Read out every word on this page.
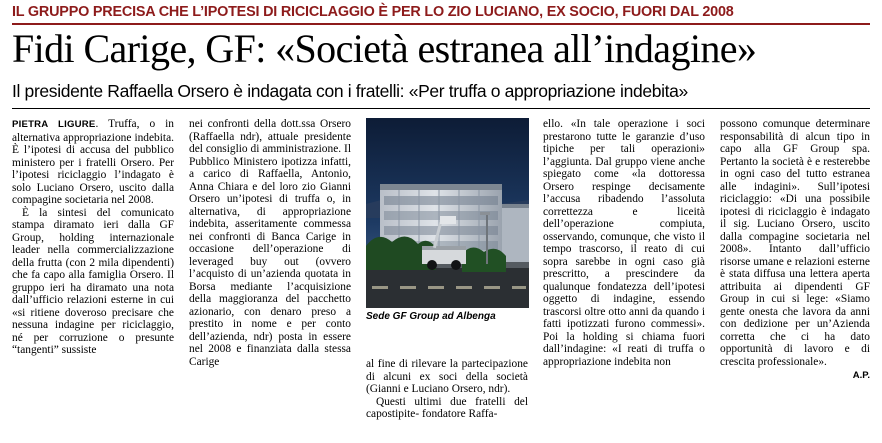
IL GRUPPO PRECISA CHE L’IPOTESI DI RICICLAGGIO È PER LO ZIO LUCIANO, EX SOCIO, FUORI DAL 2008
Fidi Carige, GF: «Società estranea all’indagine»
Il presidente Raffaella Orsero è indagata con i fratelli: «Per truffa o appropriazione indebita»
Sede GF Group ad Albenga

PIETRA LIGURE. Truffa, o in alternativa appropriazione indebita. È l’ipotesi di accusa del pubblico ministero per i fratelli Orsero. Per l’ipotesi riciclaggio l’indagato è solo Luciano Orsero, uscito dalla compagine societaria nel 2008.

È la sintesi del comunicato stampa diramato ieri dalla GF Group, holding internazionale leader nella commercializzazione della frutta (con 2 mila dipendenti) che fa capo alla famiglia Orsero. Il gruppo ieri ha diramato una nota dall’ufficio relazioni esterne in cui «si ritiene doveroso precisare che nessuna indagine per riciclaggio, né per corruzione o presunte “tangenti” sussiste

nei confronti della dott.ssa Orsero (Raffaella ndr), attuale presidente del consiglio di amministrazione. Il Pubblico Ministero ipotizza infatti, a carico di Raffaella, Antonio, Anna Chiara e del loro zio Gianni Orsero un’ipotesi di truffa o, in alternativa, di appropriazione indebita, asseritamente commessa nei confronti di Banca Carige in occasione dell’operazione di leveraged buy out (ovvero l’acquisto di un’azienda quotata in Borsa mediante l’acquisizione della maggioranza del pacchetto azionario, con denaro preso a prestito in nome e per conto dell’azienda, ndr) posta in essere nel 2008 e finanziata dalla stessa Carige	al fine di rilevare la partecipazione di alcuni ex soci della società (Gianni e Luciano Orsero, ndr).

Questi ultimi due fratelli del capostipite- fondatore Raffa-

ello. «In tale operazione i soci prestarono tutte le garanzie d’uso tipiche per tali operazioni» l’aggiunta. Dal gruppo viene anche spiegato come «la dottoressa Orsero respinge decisamente l’accusa ribadendo l’assoluta correttezza e liceità dell’operazione compiuta, osservando, comunque, che visto il tempo trascorso, il reato di cui sopra sarebbe in ogni caso già prescritto, a prescindere da qualunque fondatezza dell’ipotesi oggetto di indagine, essendo trascorsi oltre otto anni da quando i fatti ipotizzati furono commessi». Poi la holding si chiama fuori dall’indagine: «I reati di truffa o appropriazione indebita non

possono comunque determinare responsabilità di alcun tipo in capo alla GF Group spa. Pertanto la società è e resterebbe in ogni caso del tutto estranea alle indagini». Sull’ipotesi riciclaggio: «Di una possibile ipotesi di riciclaggio è indagato il sig. Luciano Orsero, uscito dalla compagine societaria nel 2008». Intanto dall’ufficio risorse umane e relazioni esterne è stata diffusa una lettera aperta attribuita ai dipendenti GF Group in cui si lege: «Siamo gente onesta che lavora da anni con dedizione per un’Azienda corretta che ci ha dato opportunità di lavoro e di crescita professionale».

A.P.
